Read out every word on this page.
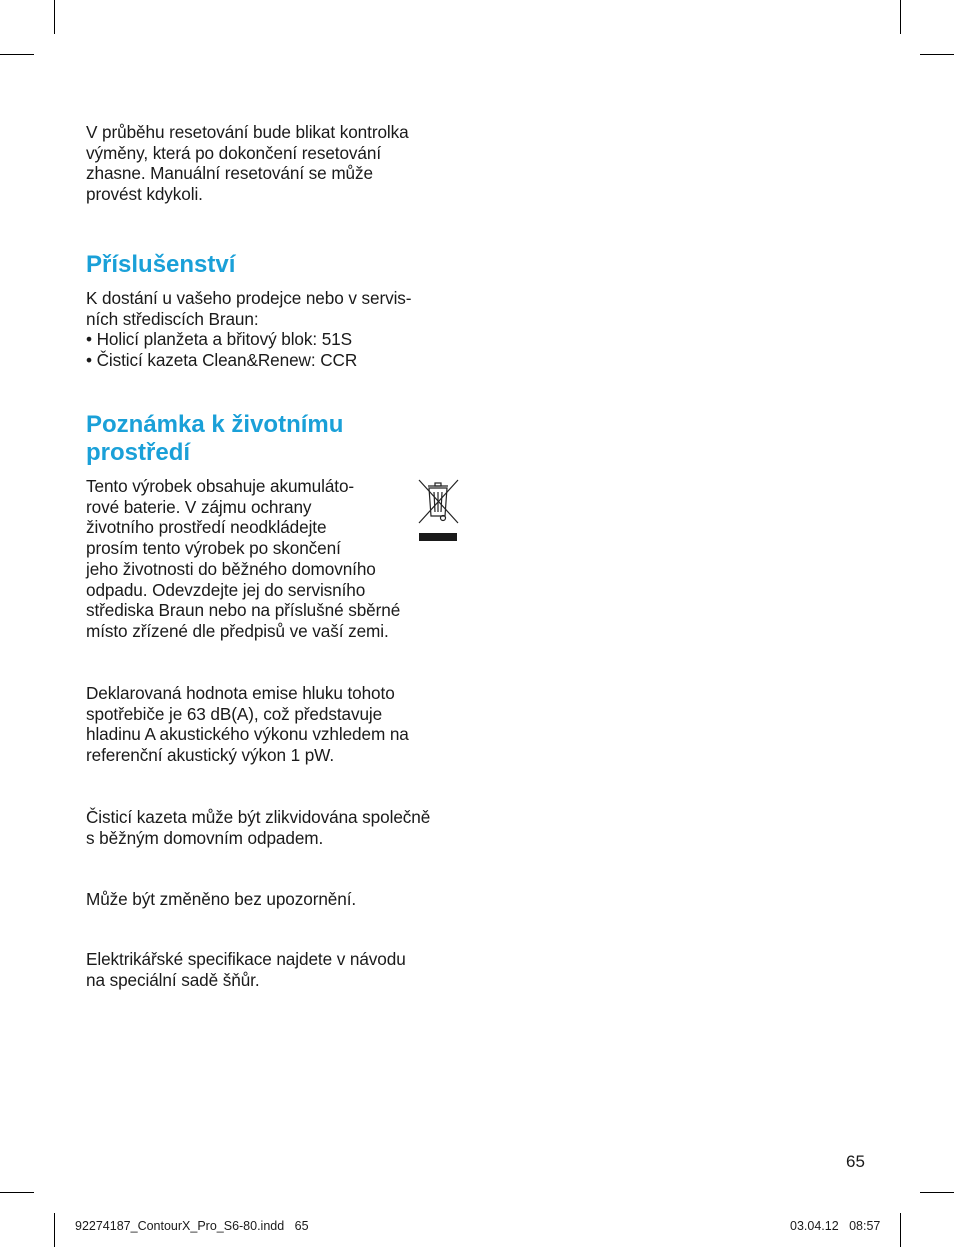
V průběhu resetování bude blikat kontrolka
výměny, která po dokončení resetování
zhasne. Manuální resetování se může
provést kdykoli.

Příslušenství
K dostání u vašeho prodejce nebo v servis-
ních střediscích Braun:
• Holicí planžeta a břitový blok: 51S
• Čisticí kazeta Clean&Renew: CCR
Poznámka k životnímu
prostředí

Tento výrobek obsahuje akumuláto-
rové baterie. V zájmu ochrany
životního prostředí neodkládejte
prosím tento výrobek po skončení
jeho životnosti do běžného domovního
odpadu. Odevzdejte jej do servisního
střediska Braun nebo na příslušné sběrné
místo zřízené dle předpisů ve vaší zemi.

Deklarovaná hodnota emise hluku tohoto
spotřebiče je 63 dB(A), což představuje
hladinu A akustického výkonu vzhledem na
referenční akustický výkon 1 pW.

Čisticí kazeta může být zlikvidována společně
s běžným domovním odpadem.

Může být změněno bez upozornění.

Elektrikářské specifikace najdete v návodu
na speciální sadě šňůr.

65
92274187_ContourX_Pro_S6-80.indd   65	03.04.12   08:57
